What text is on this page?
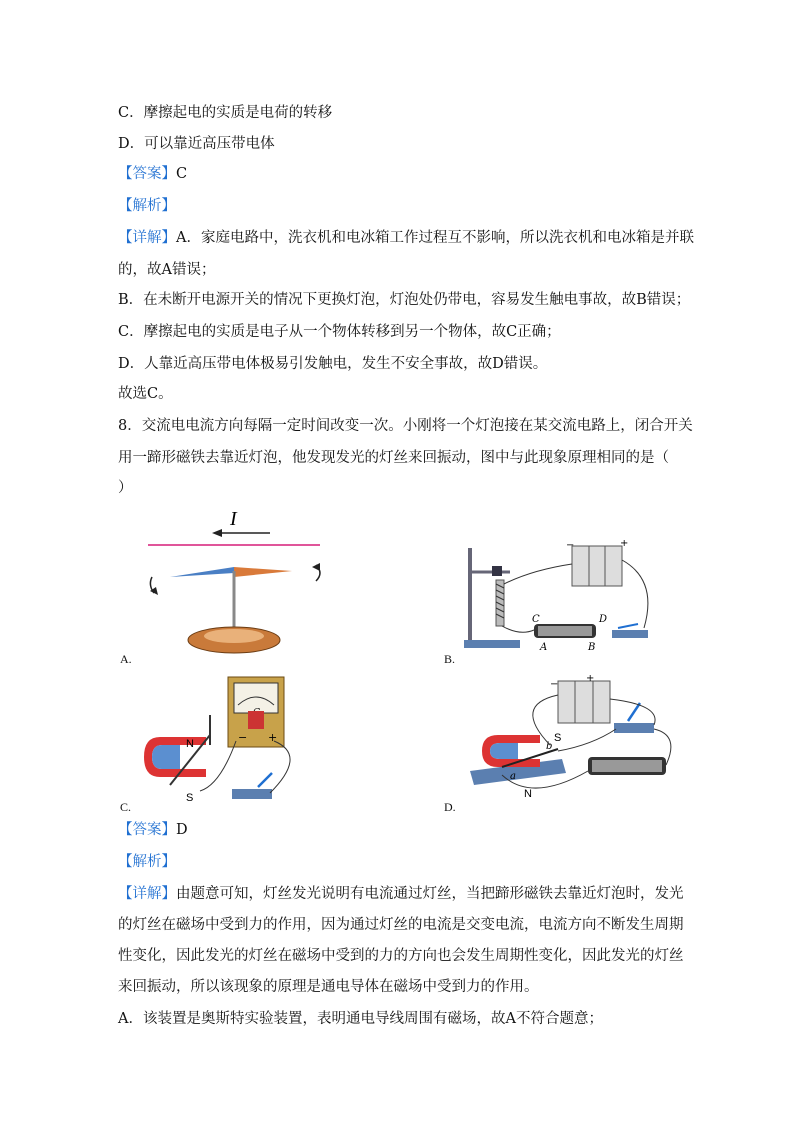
C．摩擦起电的实质是电荷的转移
D．可以靠近高压带电体
【答案】C
【解析】
【详解】A．家庭电路中，洗衣机和电冰箱工作过程互不影响，所以洗衣机和电冰箱是并联
的，故A错误；
B．在未断开电源开关的情况下更换灯泡，灯泡处仍带电，容易发生触电事故，故B错误；
C．摩擦起电的实质是电子从一个物体转移到另一个物体，故C正确；
D．人靠近高压带电体极易引发触电，发生不安全事故，故D错误。
故选C。
8．交流电电流方向每隔一定时间改变一次。小刚将一个灯泡接在某交流电路上，闭合开关
用一蹄形磁铁去靠近灯泡，他发现发光的灯丝来回振动，图中与此现象原理相同的是（
）
I
A.
−	+
C	D
A	B
B.
− +
N
S
C.
−
+
S
N
a
b
D.
【答案】D
【解析】
【详解】由题意可知，灯丝发光说明有电流通过灯丝，当把蹄形磁铁去靠近灯泡时，发光
的灯丝在磁场中受到力的作用，因为通过灯丝的电流是交变电流，电流方向不断发生周期
性变化，因此发光的灯丝在磁场中受到的力的方向也会发生周期性变化，因此发光的灯丝
来回振动，所以该现象的原理是通电导体在磁场中受到力的作用。
A．该装置是奥斯特实验装置，表明通电导线周围有磁场，故A不符合题意；
